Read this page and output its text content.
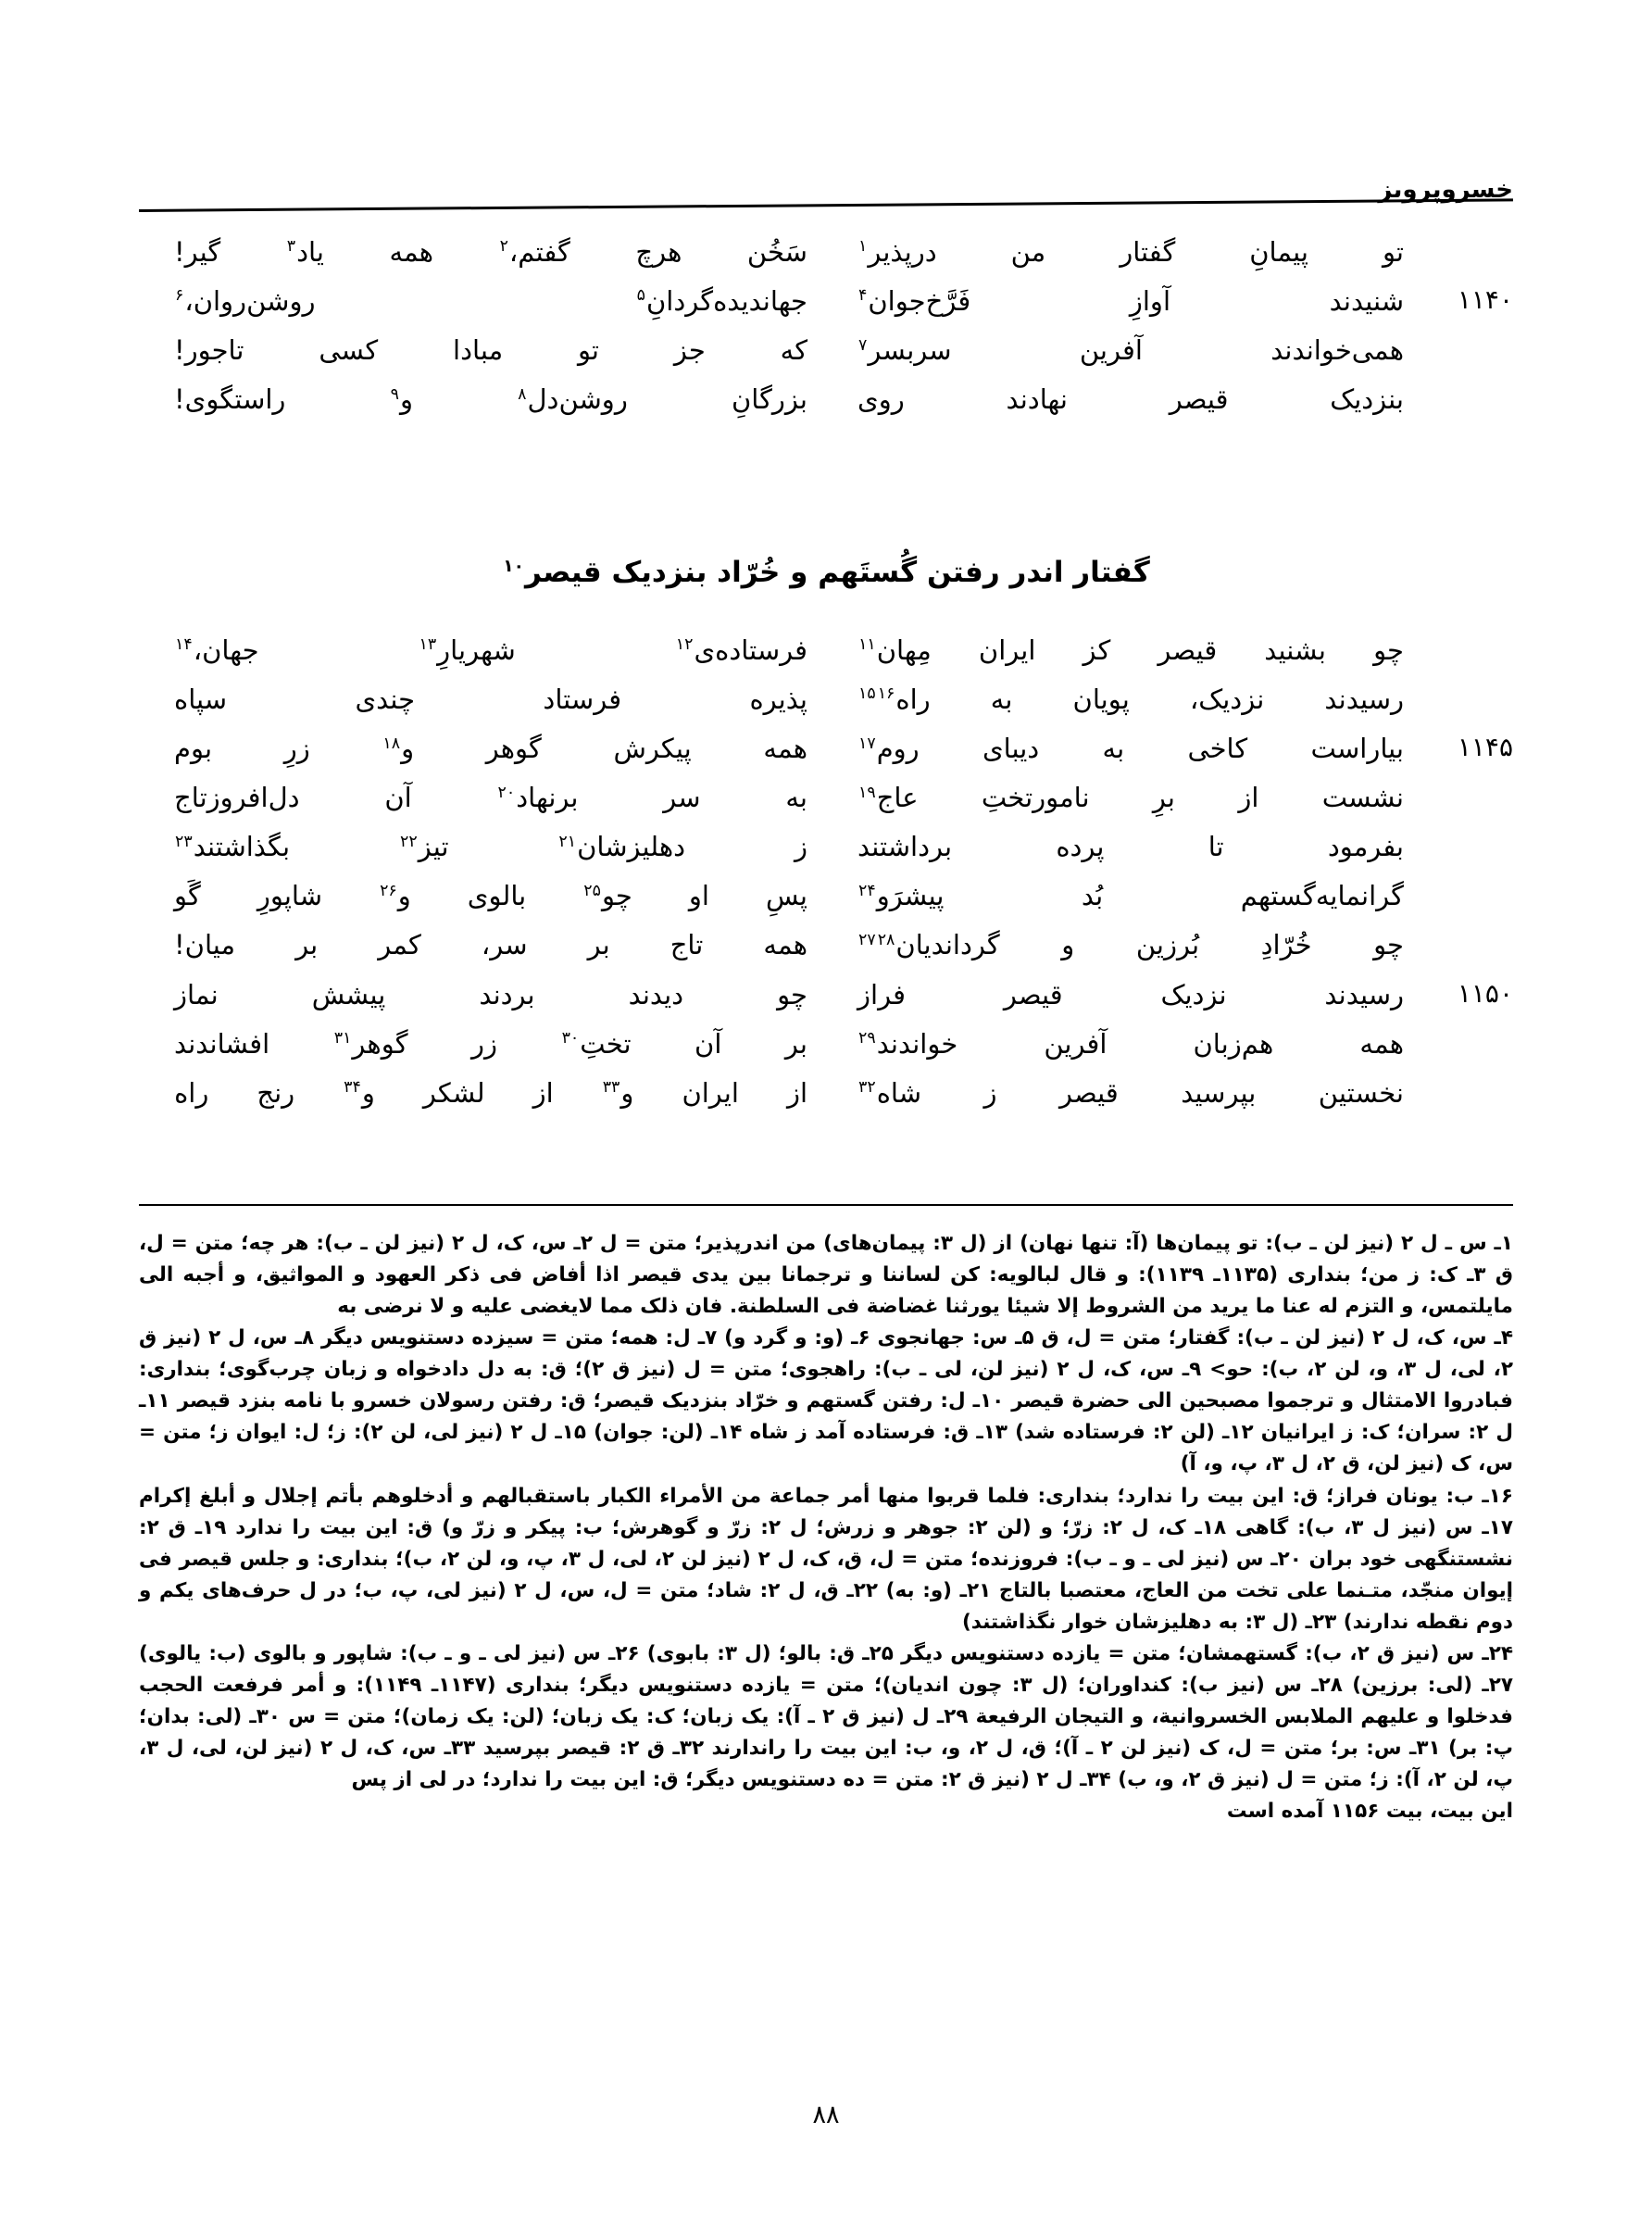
خسروپرویز
تو
پیمانِ
گفتار
من
درپذیر$^۱$
سَخُن
هرچ
گفتم،$^۲$
همه
یاد$^۳$
گیر!
۱۱۴۰
شنیدند
آوازِ
فَرَّخ‌جوان$^۴$
جهاندیده‌گردانِ$^۵$
روشن‌روان،$^۶$
همی‌خواندند
آفرین
سربسر$^۷$
که
جز
تو
مبادا
کسی
تاجور!
بنزدیک
قیصر
نهادند
روی
بزرگانِ
روشن‌دل$^۸$
و$^۹$
راستگوی!
گفتار اندر رفتن گُستَهم و خُرّاد بنزدیک قیصر$^{۱۰}$
چو
بشنید
قیصر
کز
ایران
مِهان$^{۱۱}$
فرستاده‌ی$^{۱۲}$
شهریارِ$^{۱۳}$
جهان،$^{۱۴}$
رسیدند
نزدیک،
پویان
به
راه$^{۱۵}$ $^{۱۶}$
پذیره
فرستاد
چندی
سپاه
۱۱۴۵
بیاراست
کاخی
به
دیبای
روم$^{۱۷}$
همه
پیکرش
گوهر
و$^{۱۸}$
زرِ
بوم
نشست
از
برِ
نامورتختِ
عاج$^{۱۹}$
به
سر
برنهاد$^{۲۰}$
آن
دل‌افروزتاج
بفرمود
تا
پرده
برداشتند
ز
دهلیزشان$^{۲۱}$
تیز$^{۲۲}$
بگذاشتند$^{۲۳}$
گرانمایه‌گستهم
بُد
پیشرَو$^{۲۴}$
پسِ
او
چو$^{۲۵}$
بالوی
و$^{۲۶}$
شاپورِ
گَو
چو
خُرّادِ
بُرزین
و
گرداندیان$^{۲۷}$ $^{۲۸}$
همه
تاج
بر
سر،
کمر
بر
میان!
۱۱۵۰
رسیدند
نزدیک
قیصر
فراز
چو
دیدند
بردند
پیشش
نماز
همه
هم‌زبان
آفرین
خواندند$^{۲۹}$
بر
آن
تختِ$^{۳۰}$
زر
گوهر$^{۳۱}$
افشاندند
نخستین
بپرسید
قیصر
ز
شاه$^{۳۲}$
از
ایران
و$^{۳۳}$
از
لشکر
و$^{۳۴}$
رنج
راه

۱ـ س ـ ل ۲ (نیز لن ـ ب): تو پیمان‌ها (آ: تنها نهان) از (ل ۳: پیمان‌های) من اندرپذیر؛ متن = ل ۲ـ س، ک، ل ۲ (نیز لن ـ ب): هر چه؛ متن = ل، ق ۳ـ ک: ز من؛ بنداری (۱۱۳۵ـ ۱۱۳۹): و قال لبالویه: کن لساننا و ترجمانا بین یدی قیصر اذا أفاض فی ذکر العهود و المواثیق، و أجبه الی مایلتمس، و التزم له عنا ما یرید من الشروط إلا شیئا یورثنا غضاضة فی السلطنة. فان ذلک مما لایغضی علیه و لا نرضی به

۴ـ س، ک، ل ۲ (نیز لن ـ ب): گفتار؛ متن = ل، ق ۵ـ س: جهانجوی ۶ـ (و: و گرد و) ۷ـ ل: همه؛ متن = سیزده دستنویس دیگر ۸ـ س، ل ۲ (نیز ق ۲، لی، ل ۳، و، لن ۲، ب): حو> ۹ـ س، ک، ل ۲ (نیز لن، لی ـ ب): راهجوی؛ متن = ل (نیز ق ۲)؛ ق: به دل دادخواه و زبان چرب‌گوی؛ بنداری: فبادروا الامتثال و ترجموا مصبحین الی حضرة قیصر ۱۰ـ ل: رفتن گستهم و خرّاد بنزدیک قیصر؛ ق: رفتن رسولان خسرو با نامه بنزد قیصر ۱۱ـ ل ۲: سران؛ ک: ز ایرانیان ۱۲ـ (لن ۲: فرستاده شد) ۱۳ـ ق: فرستاده آمد ز شاه ۱۴ـ (لن: جوان) ۱۵ـ ل ۲ (نیز لی، لن ۲): ز؛ ل: ایوان ز؛ متن = س، ک (نیز لن، ق ۲، ل ۳، پ، و، آ)

۱۶ـ ب: یونان فراز؛ ق: این بیت را ندارد؛ بنداری: فلما قربوا منها أمر جماعة من الأمراء الکبار باستقبالهم و أدخلوهم بأتم إجلال و أبلغ إکرام ۱۷ـ س (نیز ل ۳، ب): گاهی ۱۸ـ ک، ل ۲: زرّ؛ و (لن ۲: جوهر و زرش؛ ل ۲: زرّ و گوهرش؛ ب: پیکر و زرّ و) ق: این بیت را ندارد ۱۹ـ ق ۲: نشستنگهی خود بران ۲۰ـ س (نیز لی ـ و ـ ب): فروزنده؛ متن = ل، ق، ک، ل ۲ (نیز لن ۲، لی، ل ۳، پ، و، لن ۲، ب)؛ بنداری: و جلس قیصر فی إیوان منجّد، متـنما علی تخت من العاج، معتصبا بالتاج ۲۱ـ (و: به) ۲۲ـ ق، ل ۲: شاد؛ متن = ل، س، ل ۲ (نیز لی، پ، ب؛ در ل حرف‌های یکم و دوم نقطه ندارند) ۲۳ـ (ل ۳: به دهلیزشان خوار نگذاشتند)

۲۴ـ س (نیز ق ۲، ب): گستهمشان؛ متن = یازده دستنویس دیگر ۲۵ـ ق: بالو؛ (ل ۳: بابوی) ۲۶ـ س (نیز لی ـ و ـ ب): شاپور و بالوی (ب: یالوی) ۲۷ـ (لی: برزین) ۲۸ـ س (نیز ب): کنداوران؛ (ل ۳: چون اندیان)؛ متن = یازده دستنویس دیگر؛ بنداری (۱۱۴۷ـ ۱۱۴۹): و أمر فرفعت الحجب فدخلوا و علیهم الملابس الخسروانیة، و التیجان الرفیعة ۲۹ـ ل (نیز ق ۲ ـ آ): یک زبان؛ ک: یک زبان؛ (لن: یک زمان)؛ متن = س ۳۰ـ (لی: بدان؛ پ: بر) ۳۱ـ س: بر؛ متن = ل، ک (نیز لن ۲ ـ آ)؛ ق، ل ۲، و، ب: این بیت را راندارند ۳۲ـ ق ۲: قیصر بپرسید ۳۳ـ س، ک، ل ۲ (نیز لن، لی، ل ۳، پ، لن ۲، آ): ز؛ متن = ل (نیز ق ۲، و، ب) ۳۴ـ ل ۲ (نیز ق ۲: متن = ده دستنویس دیگر؛ ق: این بیت را ندارد؛ در لی از پس

این بیت، بیت ۱۱۵۶ آمده است

۸۸
